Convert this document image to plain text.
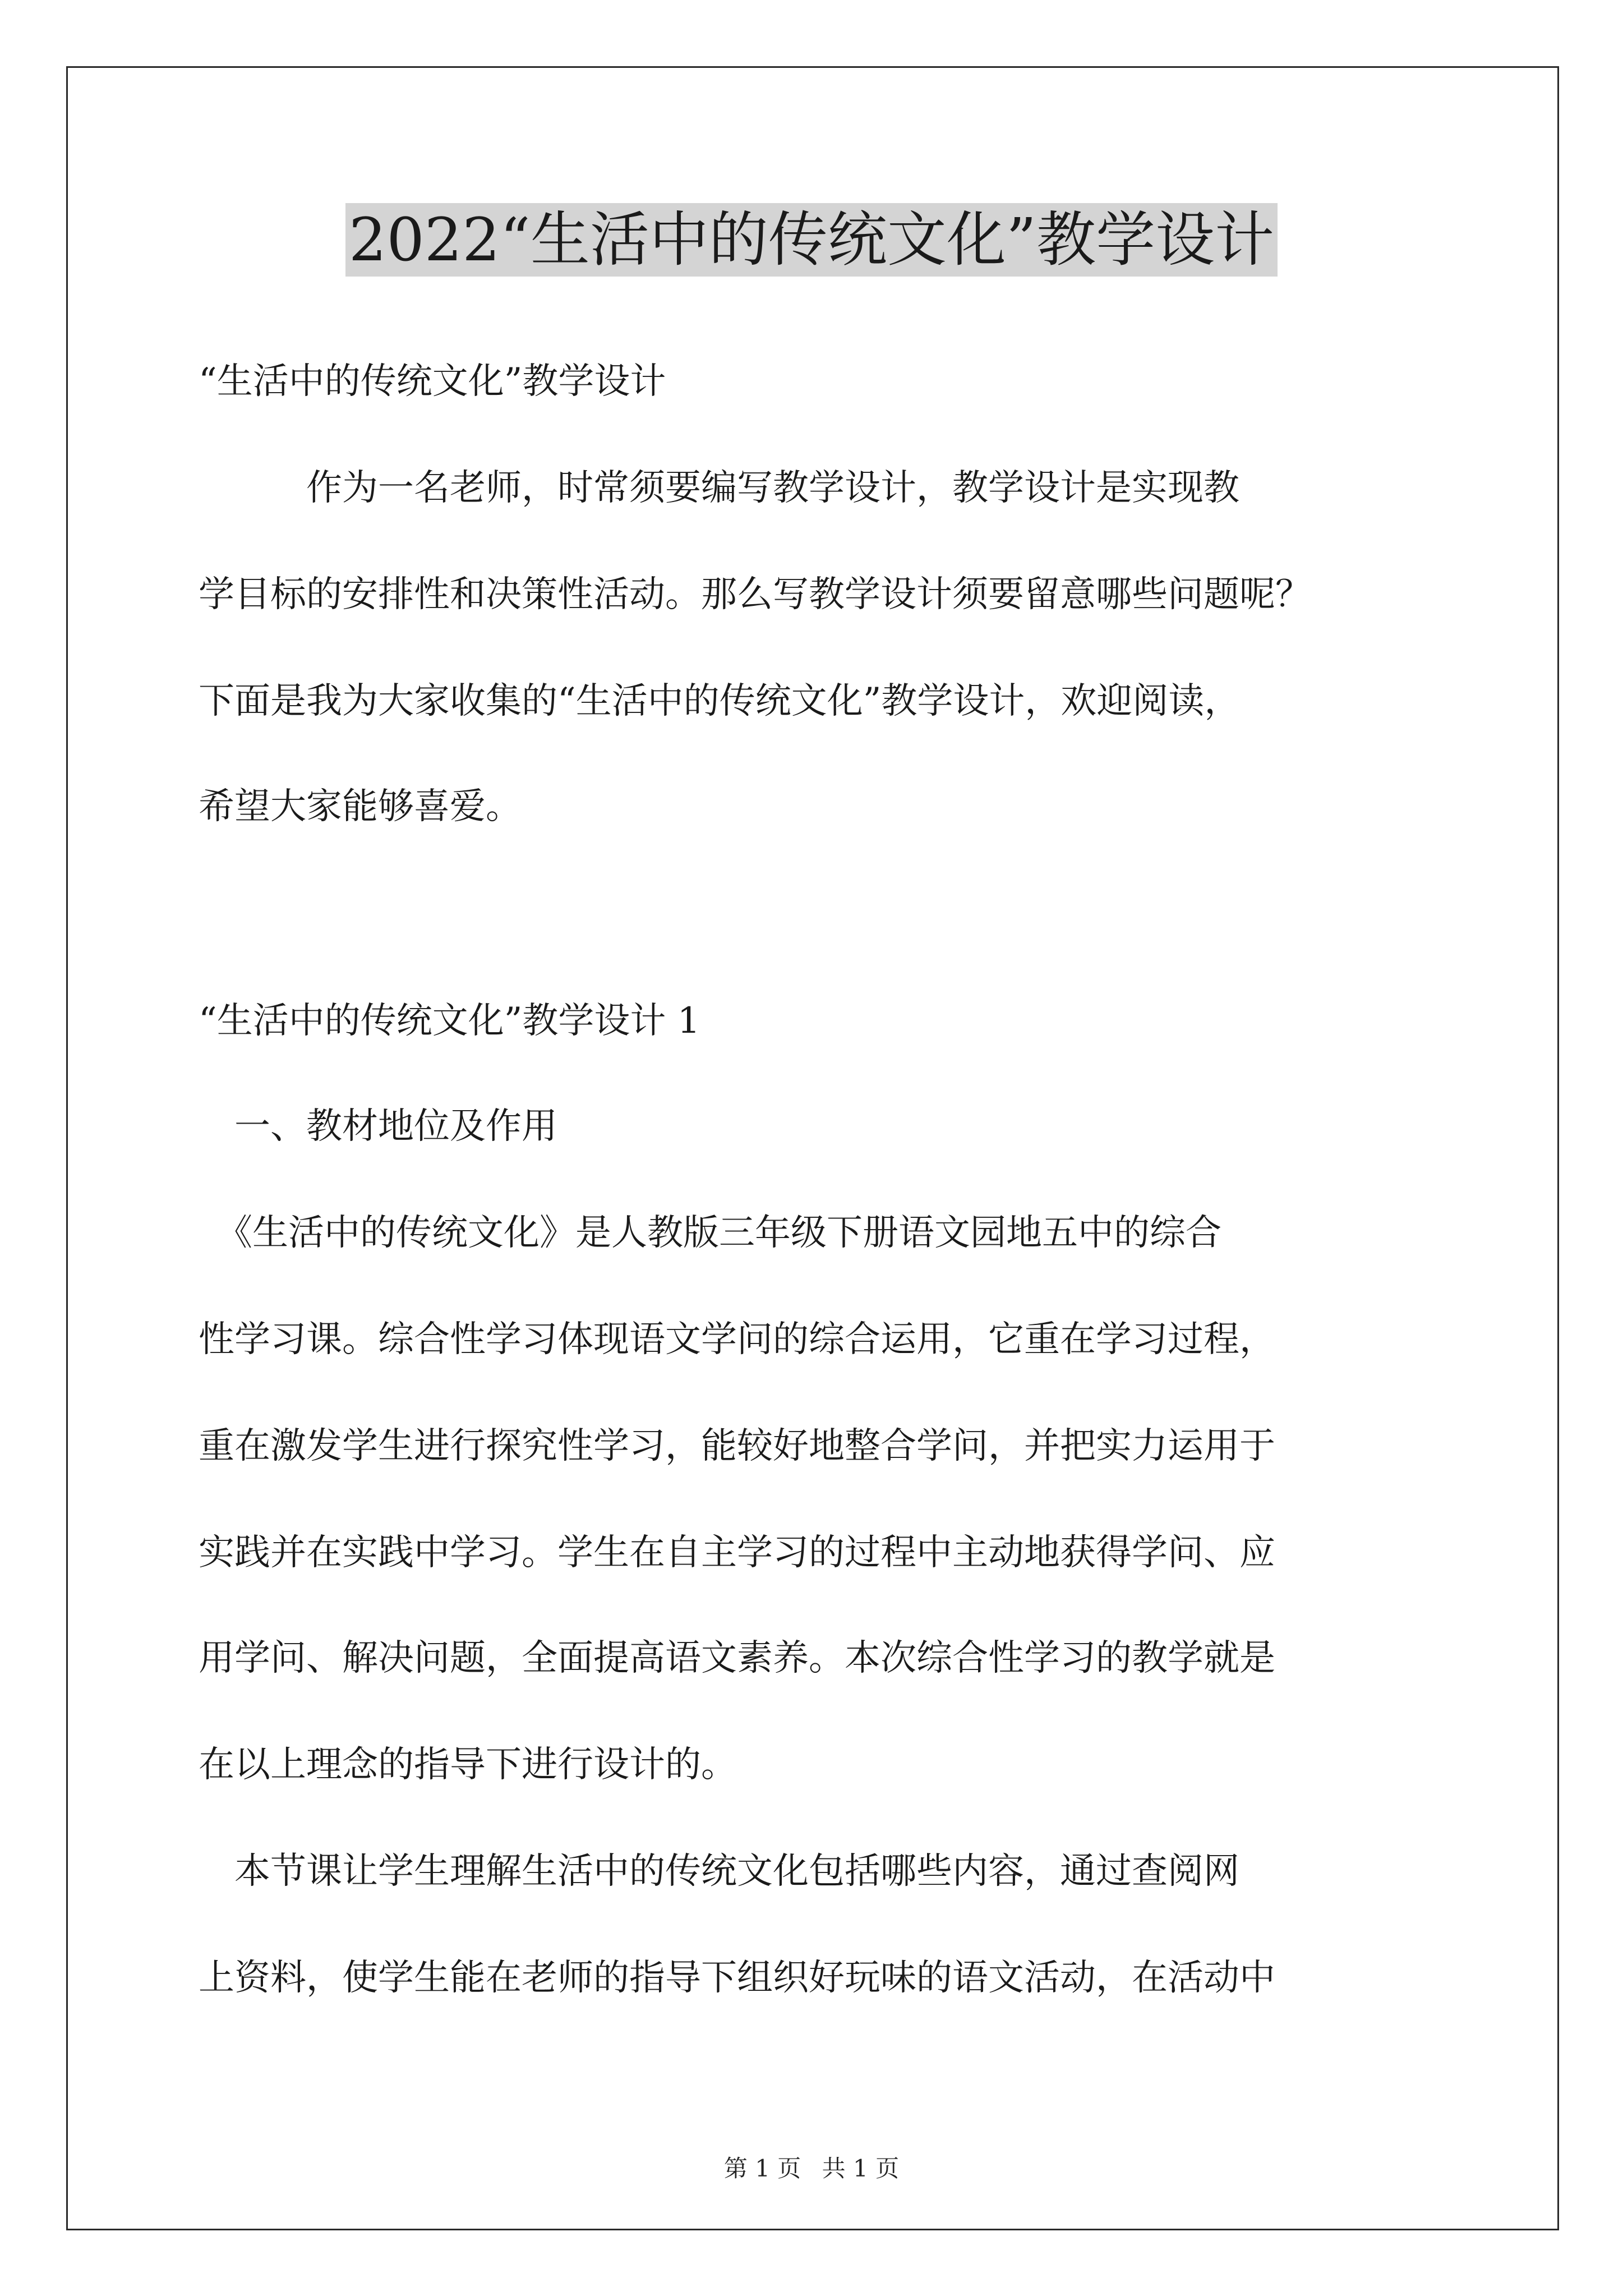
2022“生活中的传统文化”教学设计

“生活中的传统文化”教学设计

　　　作为一名老师，时常须要编写教学设计，教学设计是实现教

学目标的安排性和决策性活动。那么写教学设计须要留意哪些问题呢？

下面是我为大家收集的“生活中的传统文化”教学设计，欢迎阅读，

希望大家能够喜爱。

“生活中的传统文化”教学设计 1

　一、教材地位及作用

　《生活中的传统文化》是人教版三年级下册语文园地五中的综合

性学习课。综合性学习体现语文学问的综合运用，它重在学习过程，

重在激发学生进行探究性学习，能较好地整合学问，并把实力运用于

实践并在实践中学习。学生在自主学习的过程中主动地获得学问、应

用学问、解决问题，全面提高语文素养。本次综合性学习的教学就是

在以上理念的指导下进行设计的。

　本节课让学生理解生活中的传统文化包括哪些内容，通过查阅网

上资料，使学生能在老师的指导下组织好玩味的语文活动，在活动中

第 1 页 共 1 页
